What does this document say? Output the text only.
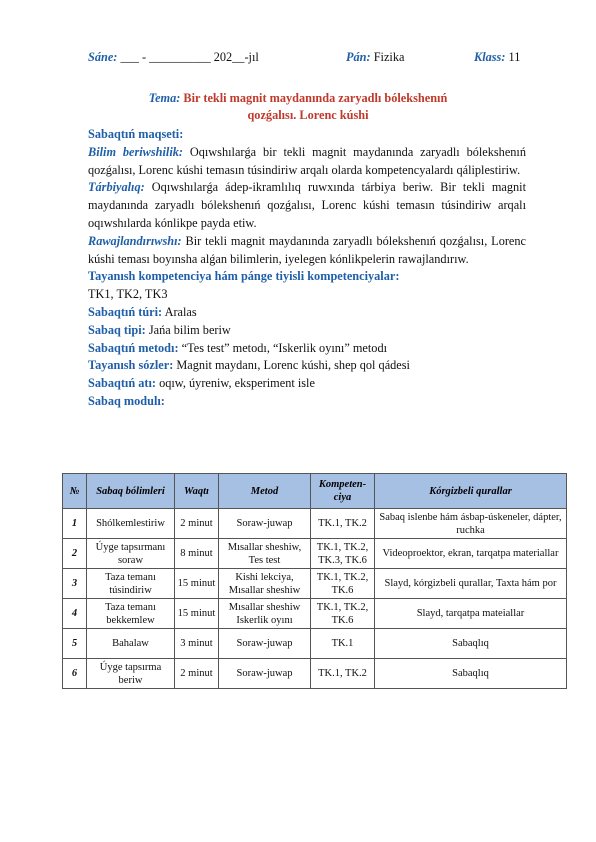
Sáne: ___ - __________ 202__-jıl	Pán: Fizika	Klass: 11
Tema: Bir tekli magnit maydanında zaryadlı bólekshenıń
qozǵalısı. Lorenc kúshi

Sabaqtıń maqseti:

Bilim beriwshilik: Oqıwshılarǵa bir tekli magnit maydanında zaryadlı bólekshenıń qozǵalısı, Lorenc kúshi temasın túsindiriw arqalı olarda kompetencyalardı qáliplestiriw.

Tárbiyalıq: Oqıwshılarǵa ádep-ikramlılıq ruwxında tárbiya beriw. Bir tekli magnit maydanında zaryadlı bólekshenıń qozǵalısı, Lorenc kúshi temasın túsindiriw arqalı oqıwshılarda kónlikpe payda etiw.

Rawajlandırıwshı: Bir tekli magnit maydanında zaryadlı bólekshenıń qozǵalısı, Lorenc kúshi teması boyınsha alǵan bilimlerin, iyelegen kónlikpelerin rawajlandırıw.

Tayanısh kompetenciya hám pánge tiyisli kompetenciyalar:

TK1, TK2, TK3

Sabaqtıń túri: Aralas

Sabaq tipi: Jańa bilim beriw

Sabaqtıń metodı: “Tes test” metodı, “Iskerlik oyını” metodı

Tayanısh sózler: Magnit maydanı, Lorenc kúshi, shep qol qádesi

Sabaqtıń atı: oqıw, úyreniw, eksperiment isle

Sabaq modulı:

№	Sabaq bólimleri	Waqtı	Metod	Kompeten-ciya	Kórgizbeli qurallar
1	Shólkemlestiriw	2 minut	Soraw-juwap	TK.1, TK.2	Sabaq islenbe hám ásbap-úskeneler, dápter, ruchka
2	Úyge tapsırmanı soraw	8 minut	Mısallar sheshiw, Tes test	TK.1, TK.2, TK.3, TK.6	Videoproektor, ekran, tarqatpa materiallar
3	Taza temanı túsindiriw	15 minut	Kishi lekciya, Mısallar sheshiw	TK.1, TK.2, TK.6	Slayd, kórgizbeli qurallar, Taxta hám por
4	Taza temanı bekkemlew	15 minut	Mısallar sheshiw Iskerlik oyını	TK.1, TK.2, TK.6	Slayd, tarqatpa mateiallar
5	Bahalaw	3 minut	Soraw-juwap	TK.1	Sabaqlıq
6	Úyge tapsırma beriw	2 minut	Soraw-juwap	TK.1, TK.2	Sabaqlıq
